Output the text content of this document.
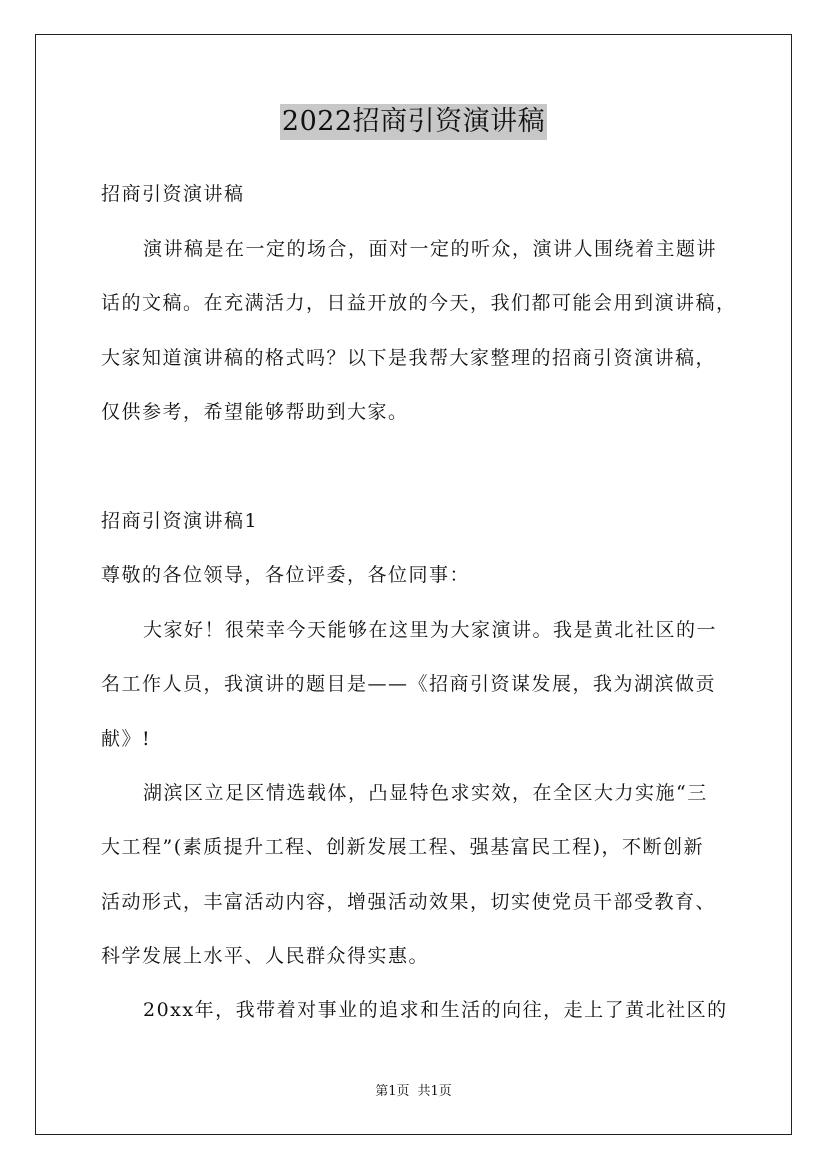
2022招商引资演讲稿
招商引资演讲稿
演讲稿是在一定的场合，面对一定的听众，演讲人围绕着主题讲
话的文稿。在充满活力，日益开放的今天，我们都可能会用到演讲稿，
大家知道演讲稿的格式吗？以下是我帮大家整理的招商引资演讲稿，
仅供参考，希望能够帮助到大家。
招商引资演讲稿1
尊敬的各位领导，各位评委，各位同事：
大家好！很荣幸今天能够在这里为大家演讲。我是黄北社区的一
名工作人员，我演讲的题目是——《招商引资谋发展，我为湖滨做贡
献》!
湖滨区立足区情选载体，凸显特色求实效，在全区大力实施“三
大工程”(素质提升工程、创新发展工程、强基富民工程)，不断创新
活动形式，丰富活动内容，增强活动效果，切实使党员干部受教育、
科学发展上水平、人民群众得实惠。
20xx年，我带着对事业的追求和生活的向往，走上了黄北社区的
第1页 共1页
